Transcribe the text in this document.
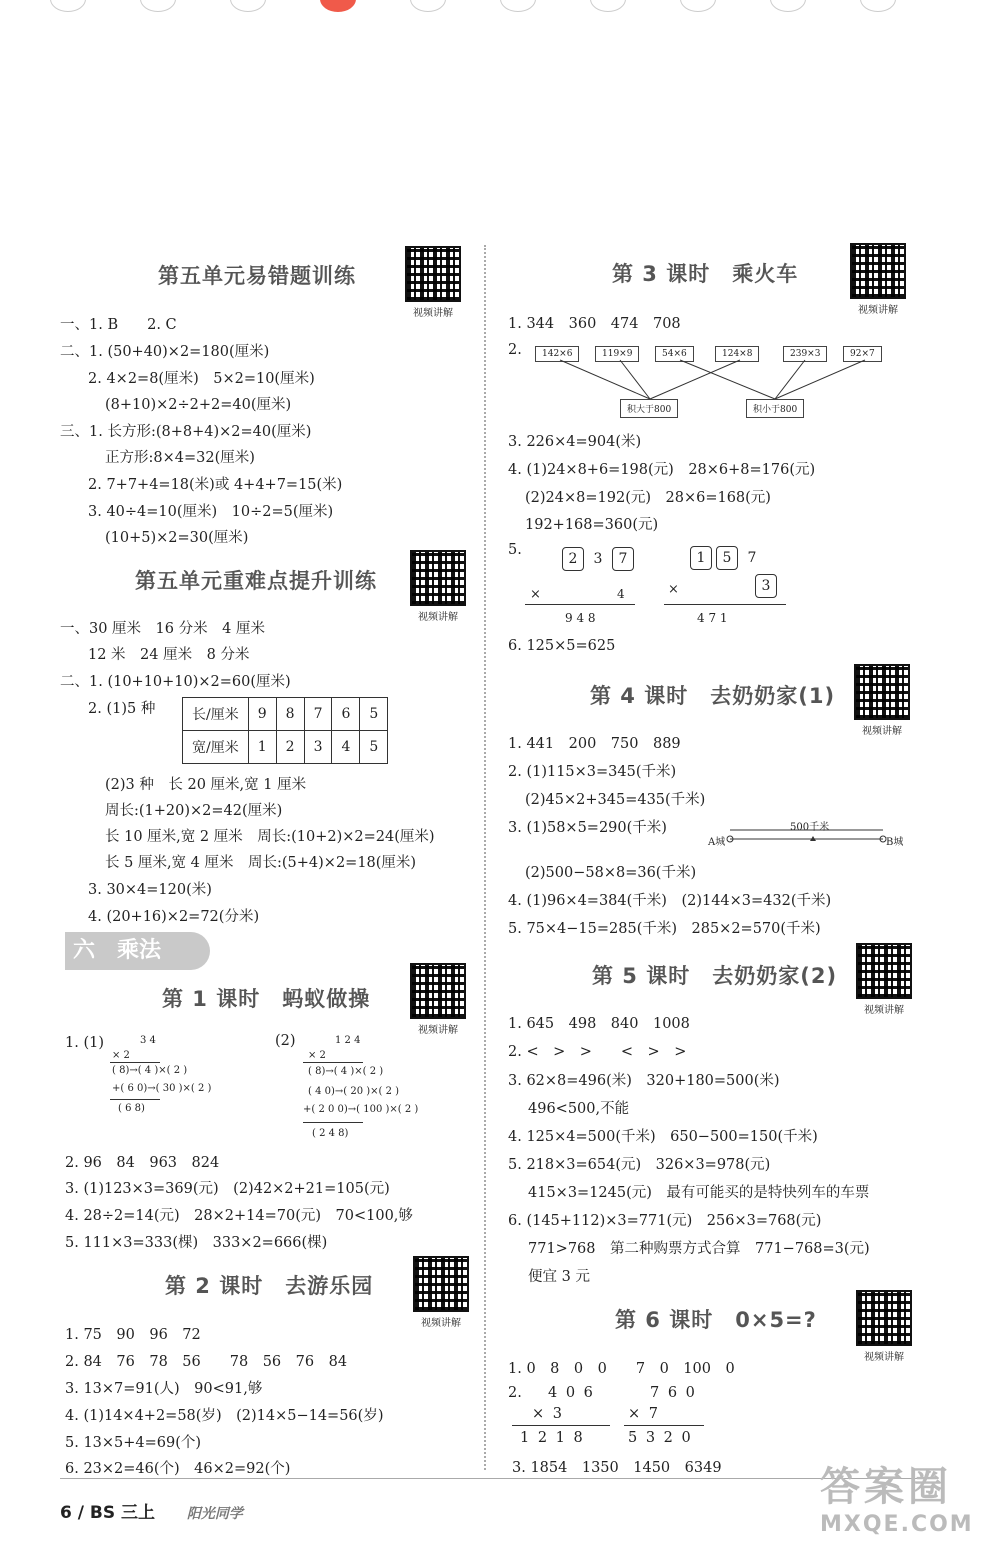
第五单元易错题训练
视频讲解
一、1. B　　2. C
二、1. (50+40)×2=180(厘米)
2. 4×2=8(厘米)　5×2=10(厘米)
(8+10)×2÷2+2=40(厘米)
三、1. 长方形:(8+8+4)×2=40(厘米)
正方形:8×4=32(厘米)
2. 7+7+4=18(米)或 4+4+7=15(米)
3. 40÷4=10(厘米)　10÷2=5(厘米)
(10+5)×2=30(厘米)
第五单元重难点提升训练
视频讲解
一、30 厘米　16 分米　4 厘米
12 米　24 厘米　8 分米
二、1. (10+10+10)×2=60(厘米)
2. (1)5 种	长/厘米	9	8	7	6	5
宽/厘米	1	2	3	4	5
(2)3 种　长 20 厘米,宽 1 厘米
周长:(1+20)×2=42(厘米)
长 10 厘米,宽 2 厘米　周长:(10+2)×2=24(厘米)
长 5 厘米,宽 4 厘米　周长:(5+4)×2=18(厘米)
3. 30×4=120(米)
4. (20+16)×2=72(分米)
六　乘法
第 1 课时　蚂蚁做操
视频讲解
1. (1)	3 4
× 2
( 8)→( 4 )×( 2 )
+( 6 0)→( 30 )×( 2 )
( 6 8)
(2)	1 2 4
× 2
( 8)→( 4 )×( 2 )
( 4 0)→( 20 )×( 2 )
+( 2 0 0)→( 100 )×( 2 )
( 2 4 8)
2. 96　84　963　824
3. (1)123×3=369(元)　(2)42×2+21=105(元)
4. 28÷2=14(元)　28×2+14=70(元)　70<100,够
5. 111×3=333(棵)　333×2=666(棵)
第 2 课时　去游乐园
视频讲解
1. 75　90　96　72
2. 84　76　78　56　　78　56　76　84
3. 13×7=91(人)　90<91,够
4. (1)14×4+2=58(岁)　(2)14×5−14=56(岁)
5. 13×5+4=69(个)
6. 23×2=46(个)　46×2=92(个)
第 3 课时　乘火车
视频讲解
1. 344　360　474　708
2.	142×6	119×9	54×6	124×8	239×3	92×7
积大于800	积小于800
3. 226×4=904(米)
4. (1)24×8+6=198(元)　28×6+8=176(元)
(2)24×8=192(元)　28×6=168(元)
192+168=360(元)
5.
2 3 7
×	4
9 4 8
1 5 7
×	3
4 7 1
6. 125×5=625
第 4 课时　去奶奶家(1)
视频讲解
1. 441　200　750　889
2. (1)115×3=345(千米)
(2)45×2+345=435(千米)
3. (1)58×5=290(千米)
A城
500千米
B城
(2)500−58×8=36(千米)
4. (1)96×4=384(千米)　(2)144×3=432(千米)
5. 75×4−15=285(千米)　285×2=570(千米)
第 5 课时　去奶奶家(2)
视频讲解
1. 645　498　840　1008
2. <　>　>　　<　>　>
3. 62×8=496(米)　320+180=500(米)
496<500,不能
4. 125×4=500(千米)　650−500=150(千米)
5. 218×3=654(元)　326×3=978(元)
415×3=1245(元)　最有可能买的是特快列车的车票
6. (145+112)×3=771(元)　256×3=768(元)
771>768　第二种购票方式合算　771−768=3(元)
便宜 3 元
第 6 课时　0×5=?
视频讲解
1. 0　8　0　0　　7　0　100　0
2. 4 0 6
× 3
1 2 1 8
7 6 0
× 7
5 3 2 0
3. 1854　1350　1450　6349
6 / BS 三上 阳光同学
答案圈
MXQE.COM
